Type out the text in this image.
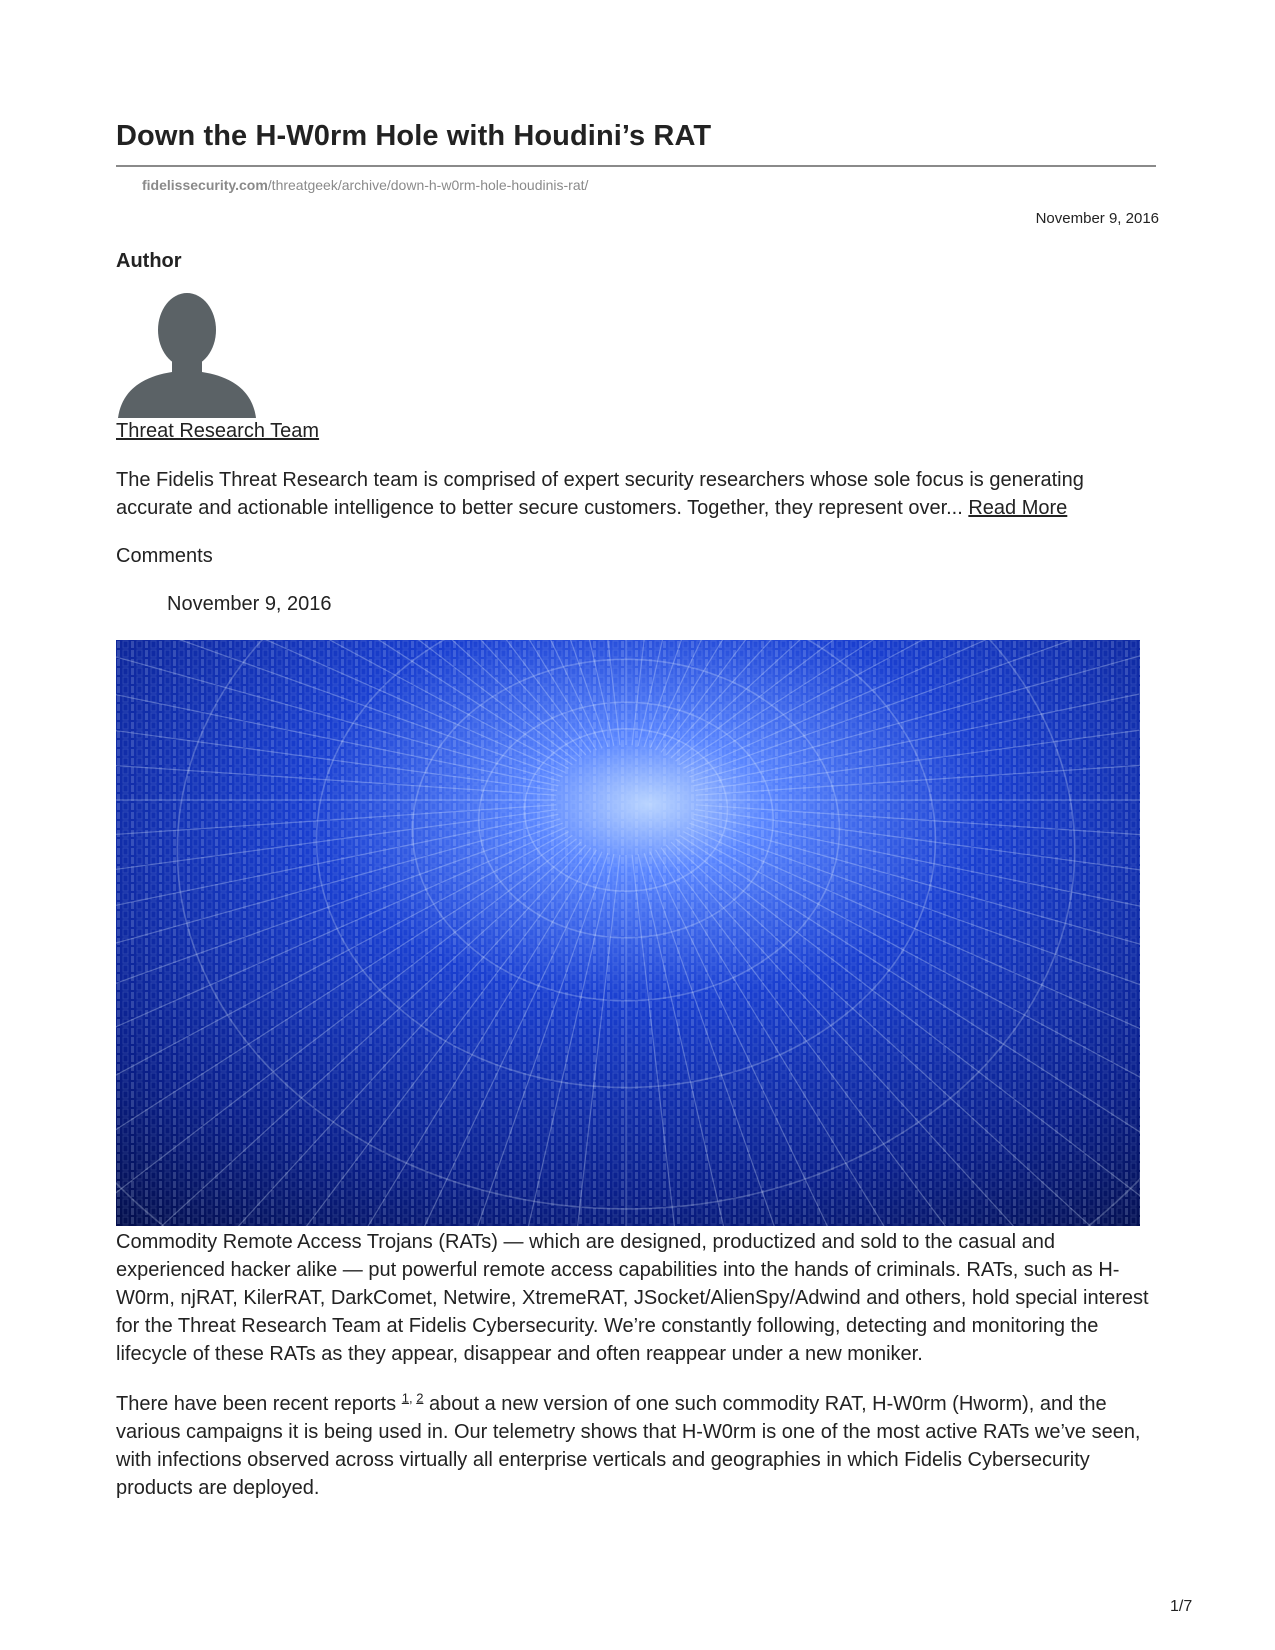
Down the H-W0rm Hole with Houdini’s RAT
fidelissecurity.com/threatgeek/archive/down-h-w0rm-hole-houdinis-rat/
November 9, 2016
Author
Threat Research Team

The Fidelis Threat Research team is comprised of expert security researchers whose sole focus is generating accurate and actionable intelligence to better secure customers. Together, they represent over... Read More

Comments
November 9, 2016

Commodity Remote Access Trojans (RATs) — which are designed, productized and sold to the casual and experienced hacker alike — put powerful remote access capabilities into the hands of criminals. RATs, such as H-W0rm, njRAT, KilerRAT, DarkComet, Netwire, XtremeRAT, JSocket/AlienSpy/Adwind and others, hold special interest for the Threat Research Team at Fidelis Cybersecurity. We’re constantly following, detecting and monitoring the lifecycle of these RATs as they appear, disappear and often reappear under a new moniker.

There have been recent reports $^{1, 2}$ about a new version of one such commodity RAT, H-W0rm (Hworm), and the various campaigns it is being used in. Our telemetry shows that H-W0rm is one of the most active RATs we’ve seen, with infections observed across virtually all enterprise verticals and geographies in which Fidelis Cybersecurity products are deployed.

1/7
